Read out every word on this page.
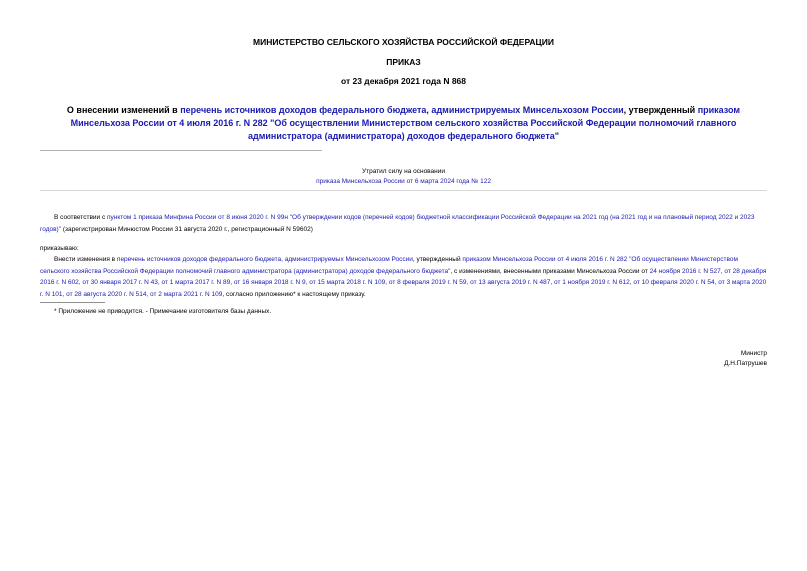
МИНИСТЕРСТВО СЕЛЬСКОГО ХОЗЯЙСТВА РОССИЙСКОЙ ФЕДЕРАЦИИ
ПРИКАЗ
от 23 декабря 2021 года N 868
О внесении изменений в перечень источников доходов федерального бюджета, администрируемых Минсельхозом России, утвержденный приказом Минсельхоза России от 4 июля 2016 г. N 282 "Об осуществлении Министерством сельского хозяйства Российской Федерации полномочий главного администратора (администратора) доходов федерального бюджета"
Утратил силу на основании
приказа Минсельхоза России от 6 марта 2024 года № 122
В соответствии с пунктом 1 приказа Минфина России от 8 июня 2020 г. N 99н "Об утверждении кодов (перечней кодов) бюджетной классификации Российской Федерации на 2021 год (на 2021 год и на плановый период 2022 и 2023 годов)" (зарегистрирован Минюстом России 31 августа 2020 г., регистрационный N 59602)
приказываю:
Внести изменения в перечень источников доходов федерального бюджета, администрируемых Минсельхозом России, утвержденный приказом Минсельхоза России от 4 июля 2016 г. N 282 "Об осуществлении Министерством сельского хозяйства Российской Федерации полномочий главного администратора (администратора) доходов федерального бюджета", с изменениями, внесенными приказами Минсельхоза России от 24 ноября 2016 г. N 527, от 28 декабря 2016 г. N 602, от 30 января 2017 г. N 43, от 1 марта 2017 г. N 89, от 16 января 2018 г. N 9, от 15 марта 2018 г. N 109, от 8 февраля 2019 г. N 59, от 13 августа 2019 г. N 487, от 1 ноября 2019 г. N 612, от 10 февраля 2020 г. N 54, от 3 марта 2020 г. N 101, от 28 августа 2020 г. N 514, от 2 марта 2021 г. N 109, согласно приложению* к настоящему приказу.
* Приложение не приводится. - Примечание изготовителя базы данных.
Министр
Д.Н.Патрушев
